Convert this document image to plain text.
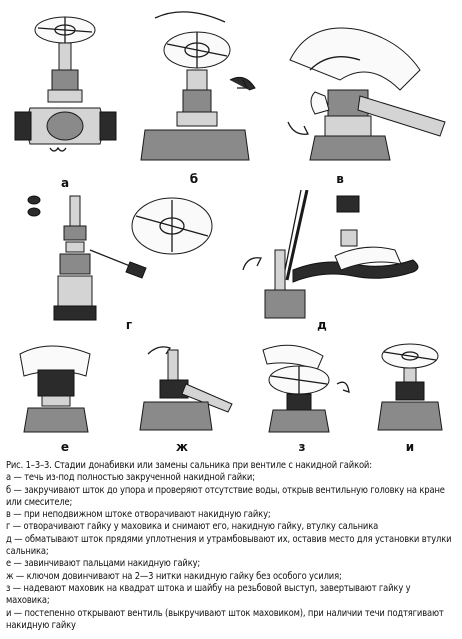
а	б	в
г	д
е	ж	з	и

Рис. 1–3–3. Стадии донабивки или замены сальника при вентиле с накидной гайкой:

а — течь из-под полностью закрученной накидной гайки;

б — закручивают шток до упора и проверяют отсутствие воды, открыв вентильную головку на кране или смесителе;

в — при неподвижном штоке отворачивают накидную гайку;

г — отворачивают гайку у маховика и снимают его, накидную гайку, втулку сальника

д — обматывают шток прядями уплотнения и утрамбовывают их, оставив место для установки втулки сальника;

е — завинчивают пальцами накидную гайку;

ж — ключом довинчивают на 2—3 нитки накидную гайку без особого усилия;

з — надевают маховик на квадрат штока и шайбу на резьбовой выступ, завертывают гайку у маховика;

и — постепенно открывают вентиль (выкручивают шток маховиком), при наличии течи подтягивают накидную гайку
